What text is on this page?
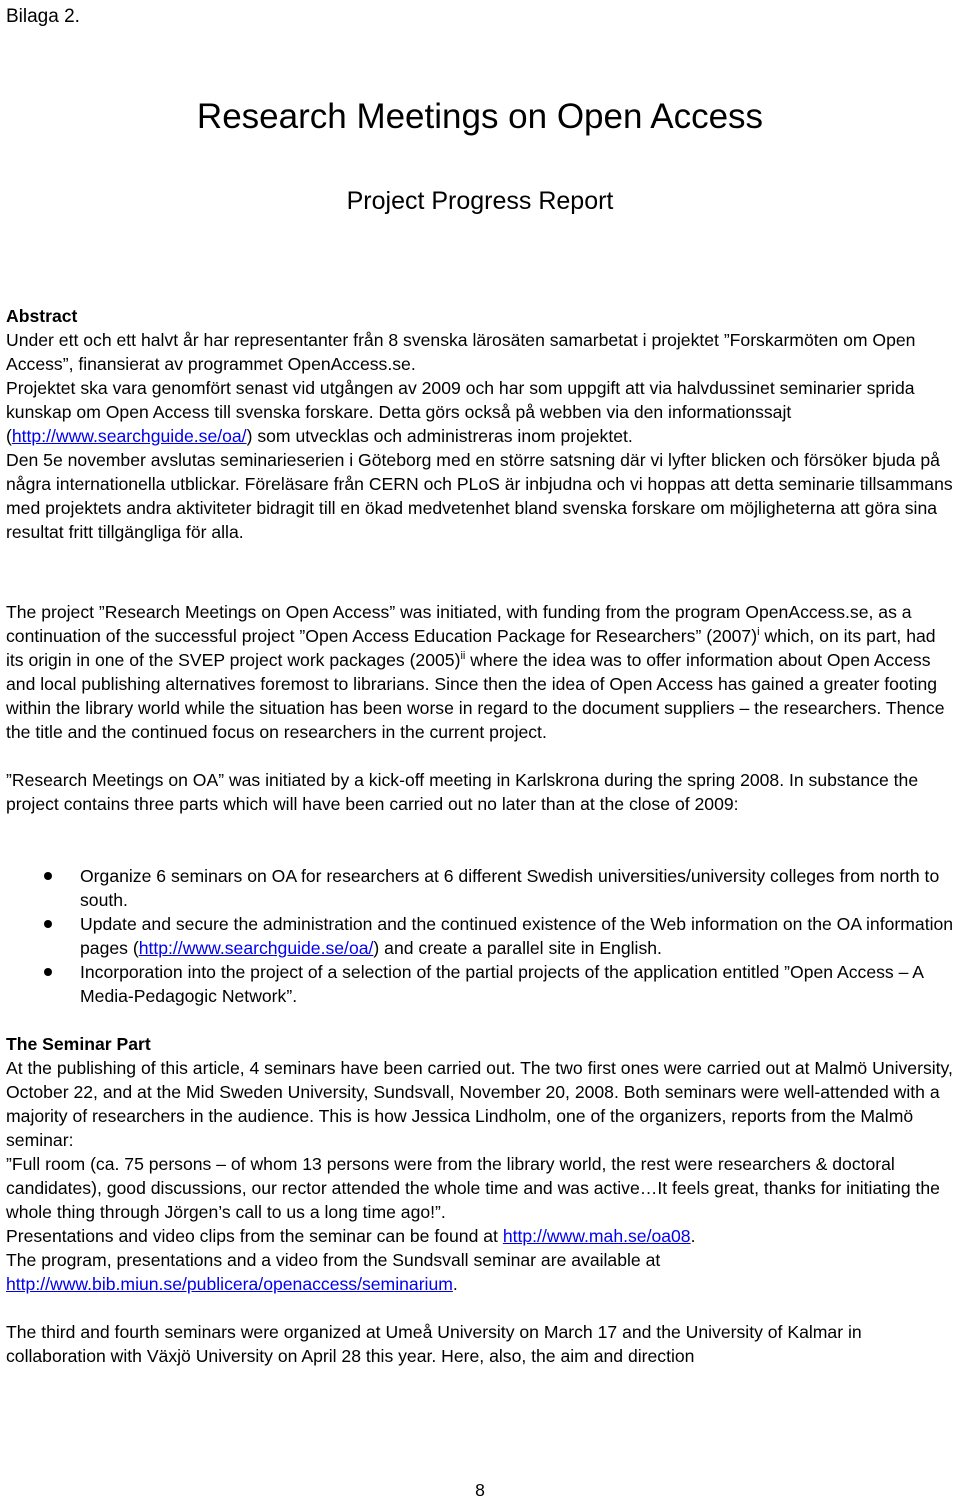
Bilaga 2.

Research Meetings on Open Access
Project Progress Report
Abstract

Under ett och ett halvt år har representanter från 8 svenska lärosäten samarbetat i projektet ”Forskarmöten om Open Access”, finansierat av programmet OpenAccess.se.

Projektet ska vara genomfört senast vid utgången av 2009 och har som uppgift att via halvdussinet seminarier sprida kunskap om Open Access till svenska forskare. Detta görs också på webben via den informationssajt (http://www.searchguide.se/oa/) som utvecklas och administreras inom projektet.

Den 5e november avslutas seminarieserien i Göteborg med en större satsning där vi lyfter blicken och försöker bjuda på några internationella utblickar. Föreläsare från CERN och PLoS är inbjudna och vi hoppas att detta seminarie tillsammans med projektets andra aktiviteter bidragit till en ökad medvetenhet bland svenska forskare om möjligheterna att göra sina resultat fritt tillgängliga för alla.

The project ”Research Meetings on Open Access” was initiated, with funding from the program OpenAccess.se, as a continuation of the successful project ”Open Access Education Package for Researchers” $(2007)^i$ which, on its part, had its origin in one of the SVEP project work packages $(2005)^{ii}$ where the idea was to offer information about Open Access and local publishing alternatives foremost to librarians. Since then the idea of Open Access has gained a greater footing within the library world while the situation has been worse in regard to the document suppliers – the researchers. Thence the title and the continued focus on researchers in the current project.

”Research Meetings on OA” was initiated by a kick-off meeting in Karlskrona during the spring 2008. In substance the project contains three parts which will have been carried out no later than at the close of 2009:

Organize 6 seminars on OA for researchers at 6 different Swedish universities/university colleges from north to south.
Update and secure the administration and the continued existence of the Web information on the OA information pages (http://www.searchguide.se/oa/) and create a parallel site in English.
Incorporation into the project of a selection of the partial projects of the application entitled ”Open Access – A Media-Pedagogic Network”.
The Seminar Part

At the publishing of this article, 4 seminars have been carried out. The two first ones were carried out at Malmö University, October 22, and at the Mid Sweden University, Sundsvall, November 20, 2008. Both seminars were well-attended with a majority of researchers in the audience. This is how Jessica Lindholm, one of the organizers, reports from the Malmö seminar:

”Full room (ca. 75 persons – of whom 13 persons were from the library world, the rest were researchers & doctoral candidates), good discussions, our rector attended the whole time and was active…It feels great, thanks for initiating the whole thing through Jörgen’s call to us a long time ago!”.

Presentations and video clips from the seminar can be found at http://www.mah.se/oa08.

The program, presentations and a video from the Sundsvall seminar are available at http://www.bib.miun.se/publicera/openaccess/seminarium.

The third and fourth seminars were organized at Umeå University on March 17 and the University of Kalmar in collaboration with Växjö University on April 28 this year. Here, also, the aim and direction

8
